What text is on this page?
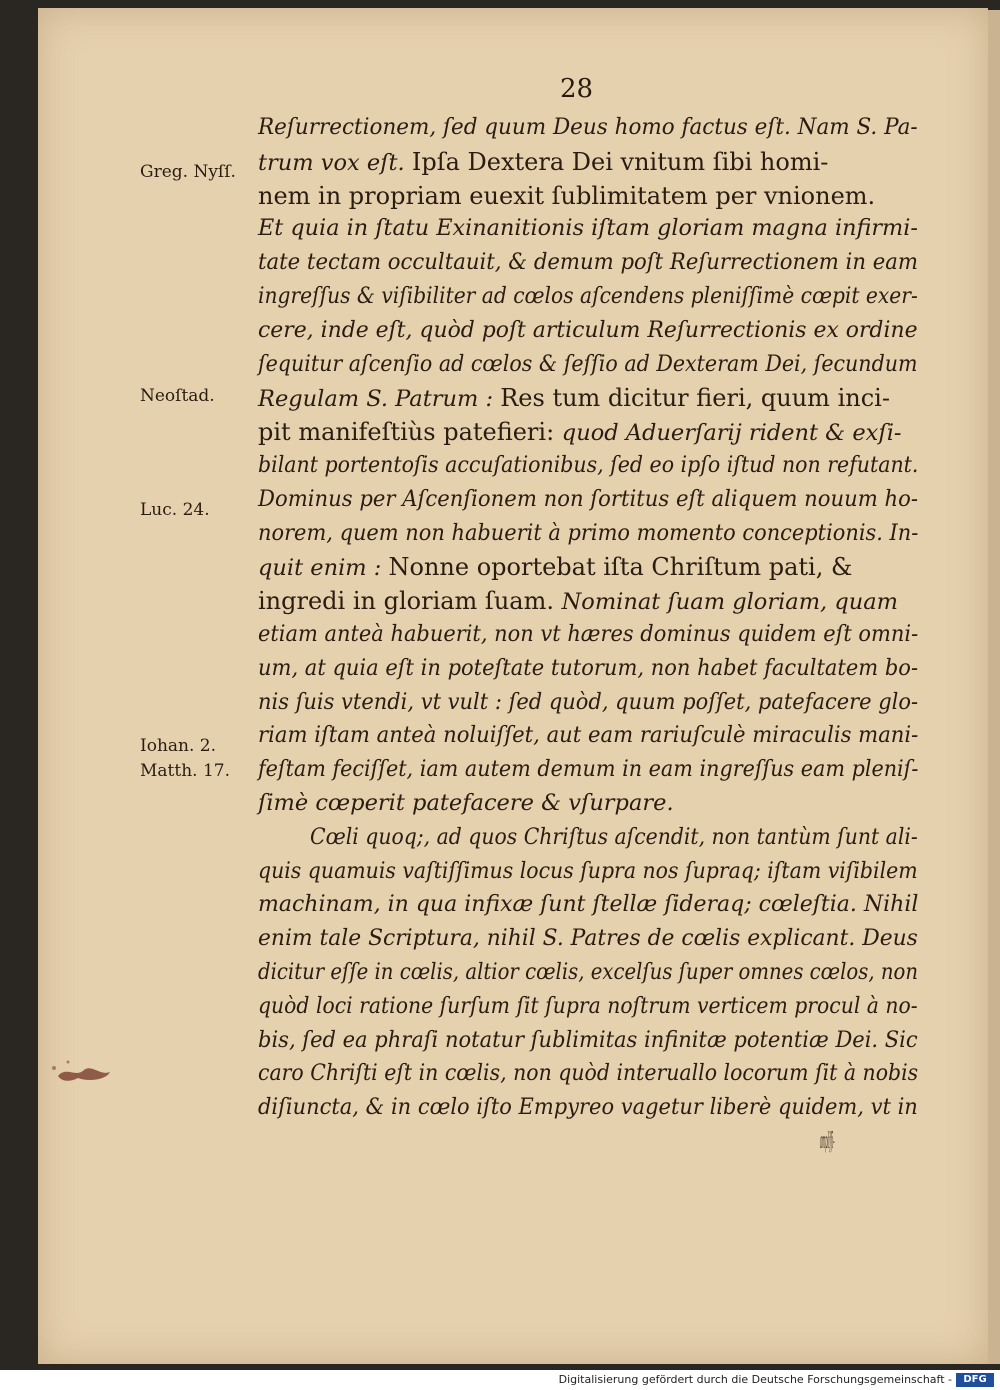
28
Greg. Nyſſ.
Neoſtad.
Luc. 24.
Iohan. 2.
Matth. 17.
Reſurrectionem, ſed quum Deus homo factus eſt. Nam S. Pa-
trum vox eſt. Ipſa Dextera Dei vnitum ſibi homi-
nem in propriam euexit ſublimitatem per vnionem.
Et quia in ſtatu Exinanitionis iſtam gloriam magna infirmi-
tate tectam occultauit, & demum poſt Reſurrectionem in eam
ingreſſus & viſibiliter ad cœlos aſcendens pleniſſimè cœpit exer-
cere, inde eſt, quòd poſt articulum Reſurrectionis ex ordine
ſequitur aſcenſio ad cœlos & ſeſſio ad Dexteram Dei, ſecundum
Regulam S. Patrum : Res tum dicitur fieri, quum inci-
pit manifeſtiùs patefieri: quod Aduerſarij rident & exſi-
bilant portentoſis accuſationibus, ſed eo ipſo iſtud non refutant.
Dominus per Aſcenſionem non ſortitus eſt aliquem nouum ho-
norem, quem non habuerit à primo momento conceptionis. In-
quit enim : Nonne oportebat iſta Chriſtum pati, &
ingredi in gloriam ſuam. Nominat ſuam gloriam, quam
etiam anteà habuerit, non vt hæres dominus quidem eſt omni-
um, at quia eſt in poteſtate tutorum, non habet facultatem bo-
nis ſuis vtendi, vt vult : ſed quòd, quum poſſet, patefacere glo-
riam iſtam anteà noluiſſet, aut eam rariuſculè miraculis mani-
feſtam feciſſet, iam autem demum in eam ingreſſus eam pleniſ-
ſimè cœperit patefacere & vſurpare.
Cœli quoq;, ad quos Chriſtus aſcendit, non tantùm ſunt ali-
quis quamuis vaſtiſſimus locus ſupra nos ſupraq; iſtam viſibilem
machinam, in qua infixæ ſunt ſtellæ ſideraq; cœleſtia. Nihil
enim tale Scriptura, nihil S. Patres de cœlis explicant. Deus
dicitur eſſe in cœlis, altior cœlis, excelſus ſuper omnes cœlos, non
quòd loci ratione ſurſum ſit ſupra noſtrum verticem procul à no-
bis, ſed ea phraſi notatur ſublimitas infinitæ potentiæ Dei. Sic
caro Chriſti eſt in cœlis, non quòd interuallo locorum ſit à nobis
diſiuncta, & in cœlo iſto Empyreo vagetur liberè quidem, vt in
ampliſſi-
Digitalisierung gefördert durch die Deutsche Forschungsgemeinschaft -	DFG
